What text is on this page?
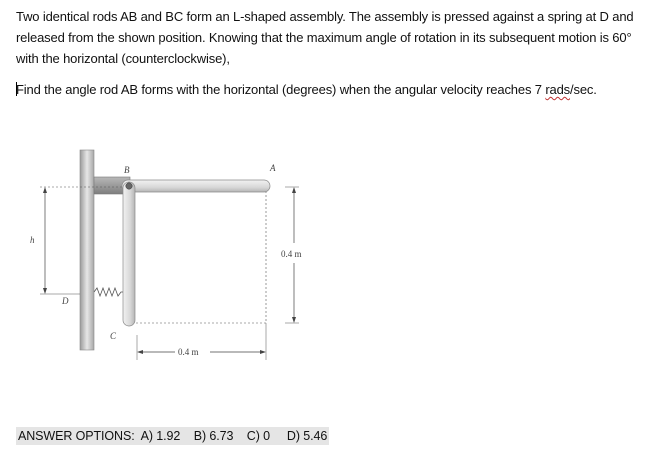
Two identical rods AB and BC form an L-shaped assembly. The assembly is pressed against a spring at D and released from the shown position. Knowing that the maximum angle of rotation in its subsequent motion is 60° with the horizontal (counterclockwise),

Find the angle rod AB forms with the horizontal (degrees) when the angular velocity reaches 7 rads/sec.

B	A
C
D
h
0.4 m
0.4 m
ANSWER OPTIONS:  A) 1.92    B) 6.73    C) 0     D) 5.46
